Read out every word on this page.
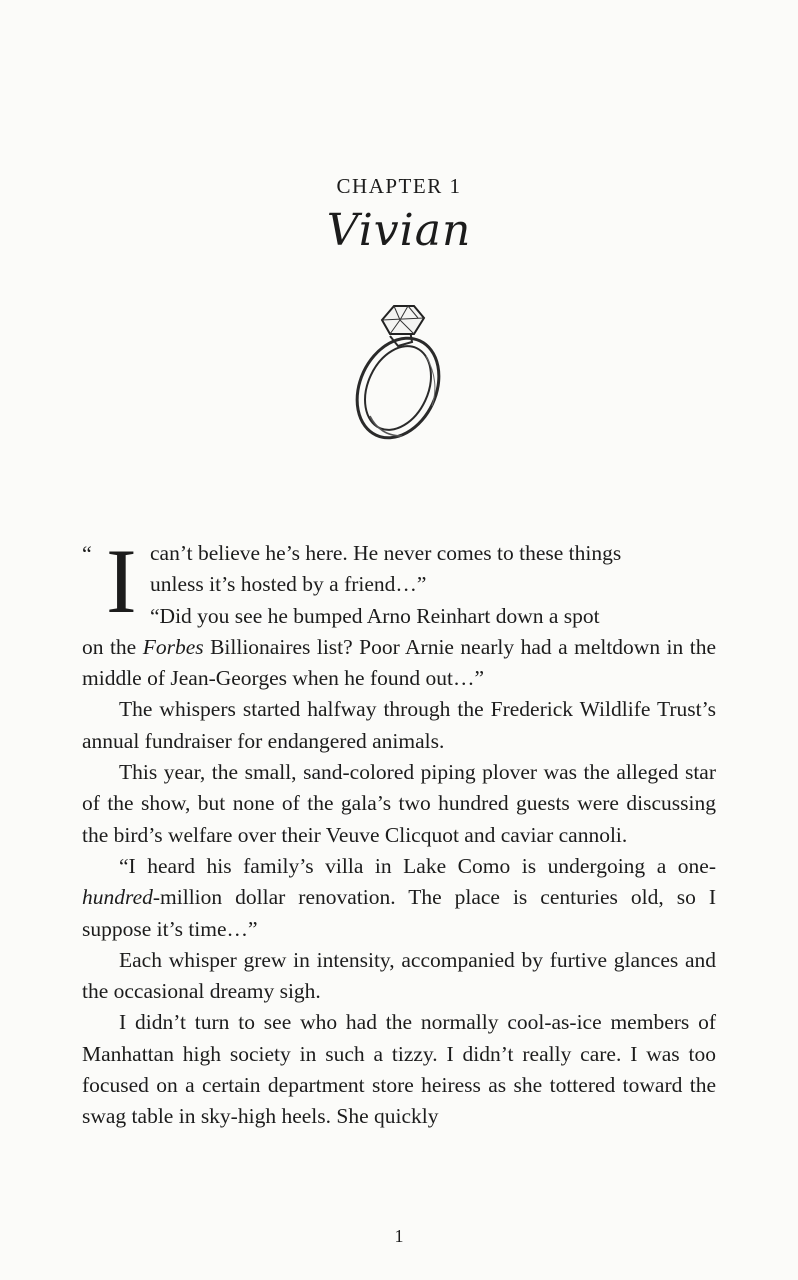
CHAPTER 1
Vivian
“ I can’t believe he’s here. He never comes to these things

unless it’s hosted by a friend…”

“Did you see he bumped Arno Reinhart down a spot

on the Forbes Billionaires list? Poor Arnie nearly had a meltdown in the middle of Jean-Georges when he found out…”

The whispers started halfway through the Frederick Wildlife Trust’s annual fundraiser for endangered animals.

This year, the small, sand-colored piping plover was the alleged star of the show, but none of the gala’s two hundred guests were discussing the bird’s welfare over their Veuve Clicquot and caviar cannoli.

“I heard his family’s villa in Lake Como is undergoing a one-hundred-million dollar renovation. The place is centuries old, so I suppose it’s time…”

Each whisper grew in intensity, accompanied by furtive glances and the occasional dreamy sigh.

I didn’t turn to see who had the normally cool-as-ice members of Manhattan high society in such a tizzy. I didn’t really care. I was too focused on a certain department store heiress as she tottered toward the swag table in sky-high heels. She quickly

1
